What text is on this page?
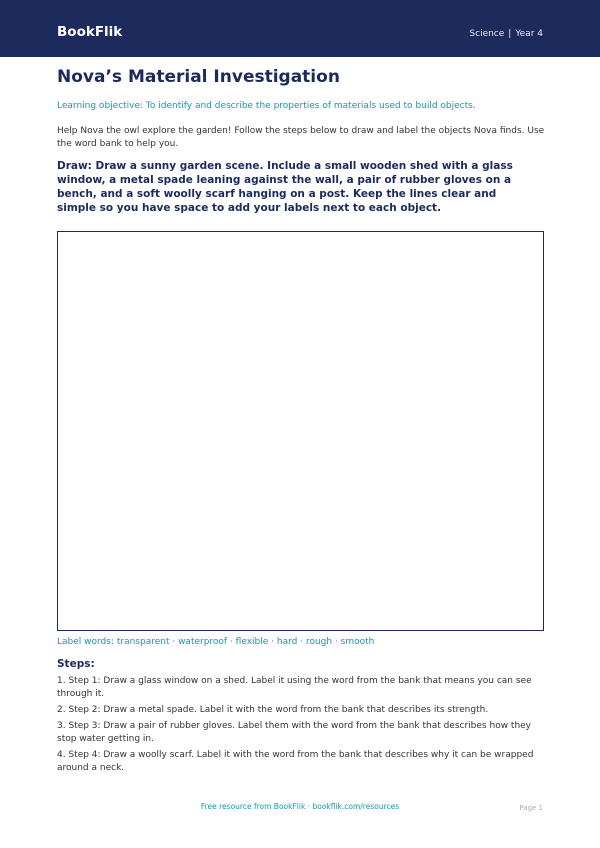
BookFlik	Science | Year 4
Nova’s Material Investigation
Learning objective: To identify and describe the properties of materials used to build objects.
Help Nova the owl explore the garden! Follow the steps below to draw and label the objects Nova finds. Use the word bank to help you.
Draw: Draw a sunny garden scene. Include a small wooden shed with a glass window, a metal spade leaning against the wall, a pair of rubber gloves on a bench, and a soft woolly scarf hanging on a post. Keep the lines clear and simple so you have space to add your labels next to each object.
Label words: transparent · waterproof · flexible · hard · rough · smooth
Steps:
1. Step 1: Draw a glass window on a shed. Label it using the word from the bank that means you can see through it.
2. Step 2: Draw a metal spade. Label it with the word from the bank that describes its strength.
3. Step 3: Draw a pair of rubber gloves. Label them with the word from the bank that describes how they stop water getting in.
4. Step 4: Draw a woolly scarf. Label it with the word from the bank that describes why it can be wrapped around a neck.
Free resource from BookFlik · bookflik.com/resources	Page 1
